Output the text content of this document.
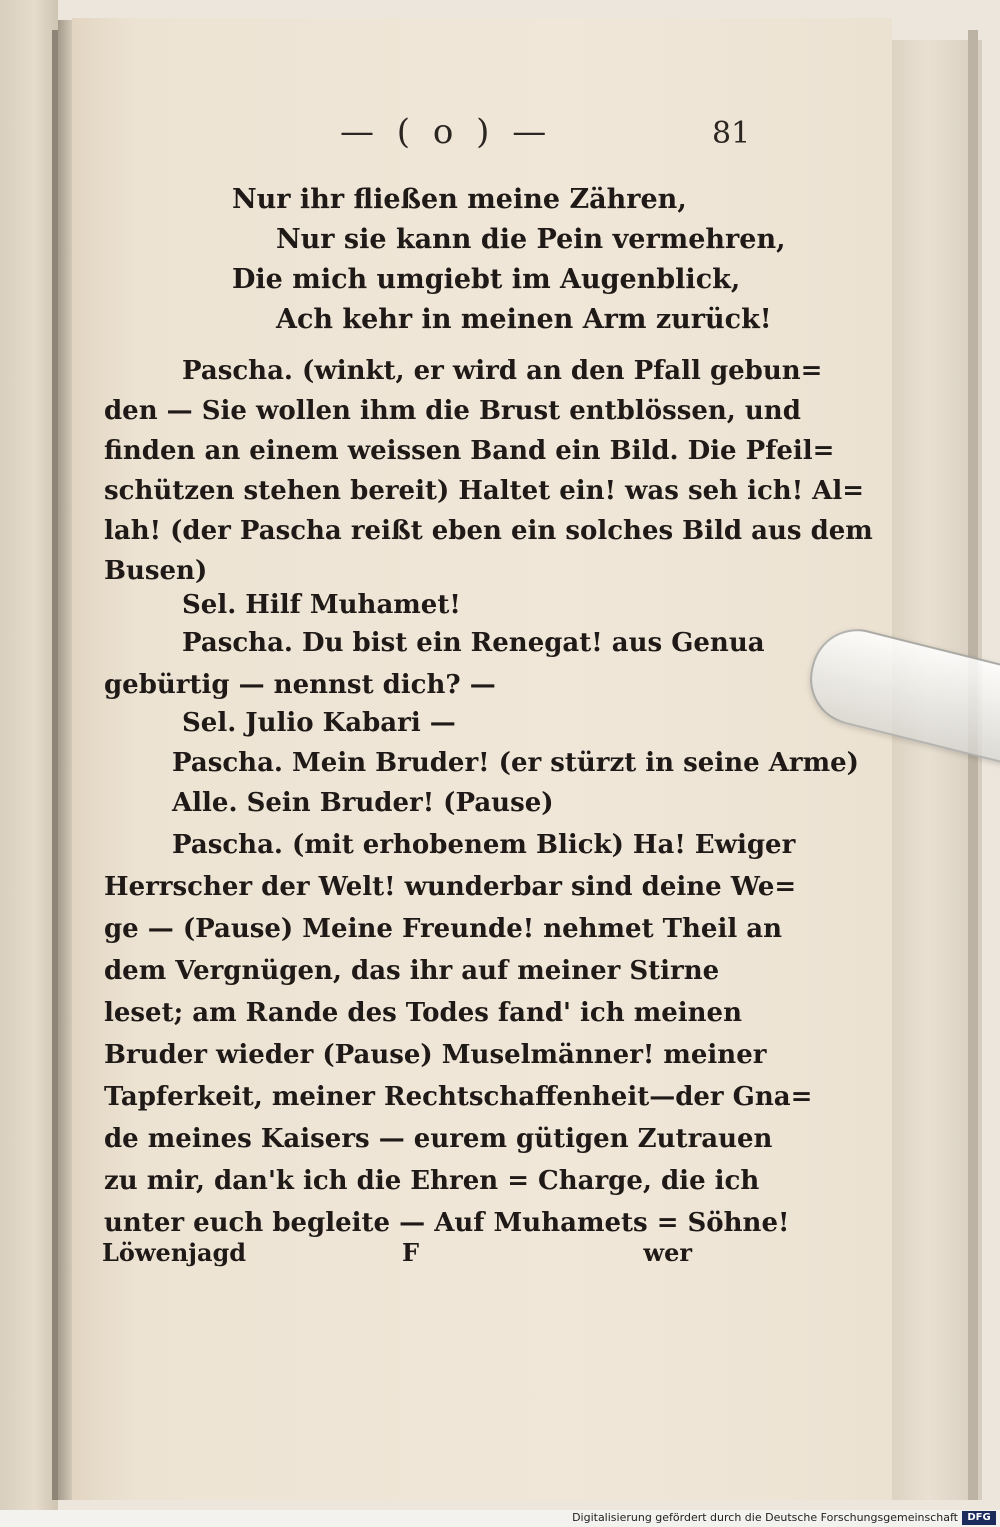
— ( o ) —	81
Nur ihr fließen meine Zähren,
Nur sie kann die Pein vermehren,
Die mich umgiebt im Augenblick,
Ach kehr in meinen Arm zurück!
Pascha. (winkt, er wird an den Pfall gebun=
den — Sie wollen ihm die Brust entblössen, und
finden an einem weissen Band ein Bild. Die Pfeil=
schützen stehen bereit) Haltet ein! was seh ich! Al=
lah! (der Pascha reißt eben ein solches Bild aus dem
Busen)
Sel. Hilf Muhamet!
Pascha. Du bist ein Renegat! aus Genua
gebürtig — nennst dich? —
Sel. Julio Kabari —
Pascha. Mein Bruder! (er stürzt in seine Arme)
Alle. Sein Bruder! (Pause)
Pascha. (mit erhobenem Blick) Ha! Ewiger
Herrscher der Welt! wunderbar sind deine We=
ge — (Pause) Meine Freunde! nehmet Theil an
dem Vergnügen, das ihr auf meiner Stirne
leset; am Rande des Todes fand' ich meinen
Bruder wieder (Pause) Muselmänner! meiner
Tapferkeit, meiner Rechtschaffenheit—der Gna=
de meines Kaisers — eurem gütigen Zutrauen
zu mir, dan'k ich die Ehren = Charge, die ich
unter euch begleite — Auf Muhamets = Söhne!
Löwenjagd	F	wer
Digitalisierung gefördert durch die Deutsche Forschungsgemeinschaft DFG
